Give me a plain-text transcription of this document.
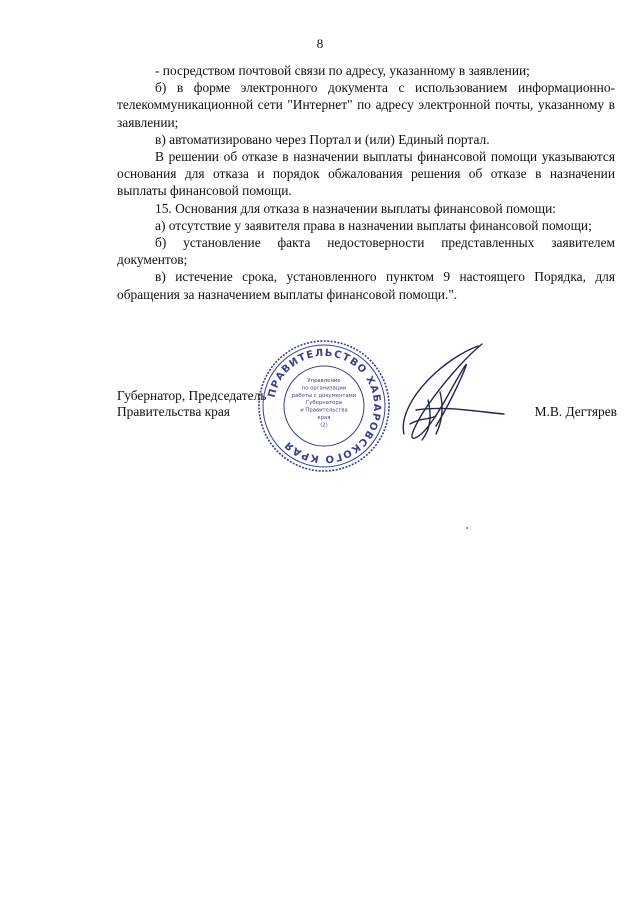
8

- посредством почтовой связи по адресу, указанному в заявлении;

б) в форме электронного документа с использованием информационно-телекоммуникационной сети "Интернет" по адресу электронной почты, указанному в заявлении;

в) автоматизировано через Портал и (или) Единый портал.

В решении об отказе в назначении выплаты финансовой помощи указываются основания для отказа и порядок обжалования решения об отказе в назначении выплаты финансовой помощи.

15. Основания для отказа в назначении выплаты финансовой помощи:

а) отсутствие у заявителя права в назначении выплаты финансовой помощи;

б) установление факта недостоверности представленных заявителем документов;

в) истечение срока, установленного пунктом 9 настоящего Порядка, для обращения за назначением выплаты финансовой помощи.".

Губернатор, Председатель
Правительства края	М.В. Дегтярев
ПРАВИТЕЛЬСТВО ХАБАРОВСКОГО КРАЯ
Управление
по организации
работы с документами
Губернатора
и Правительства
края
(2)
